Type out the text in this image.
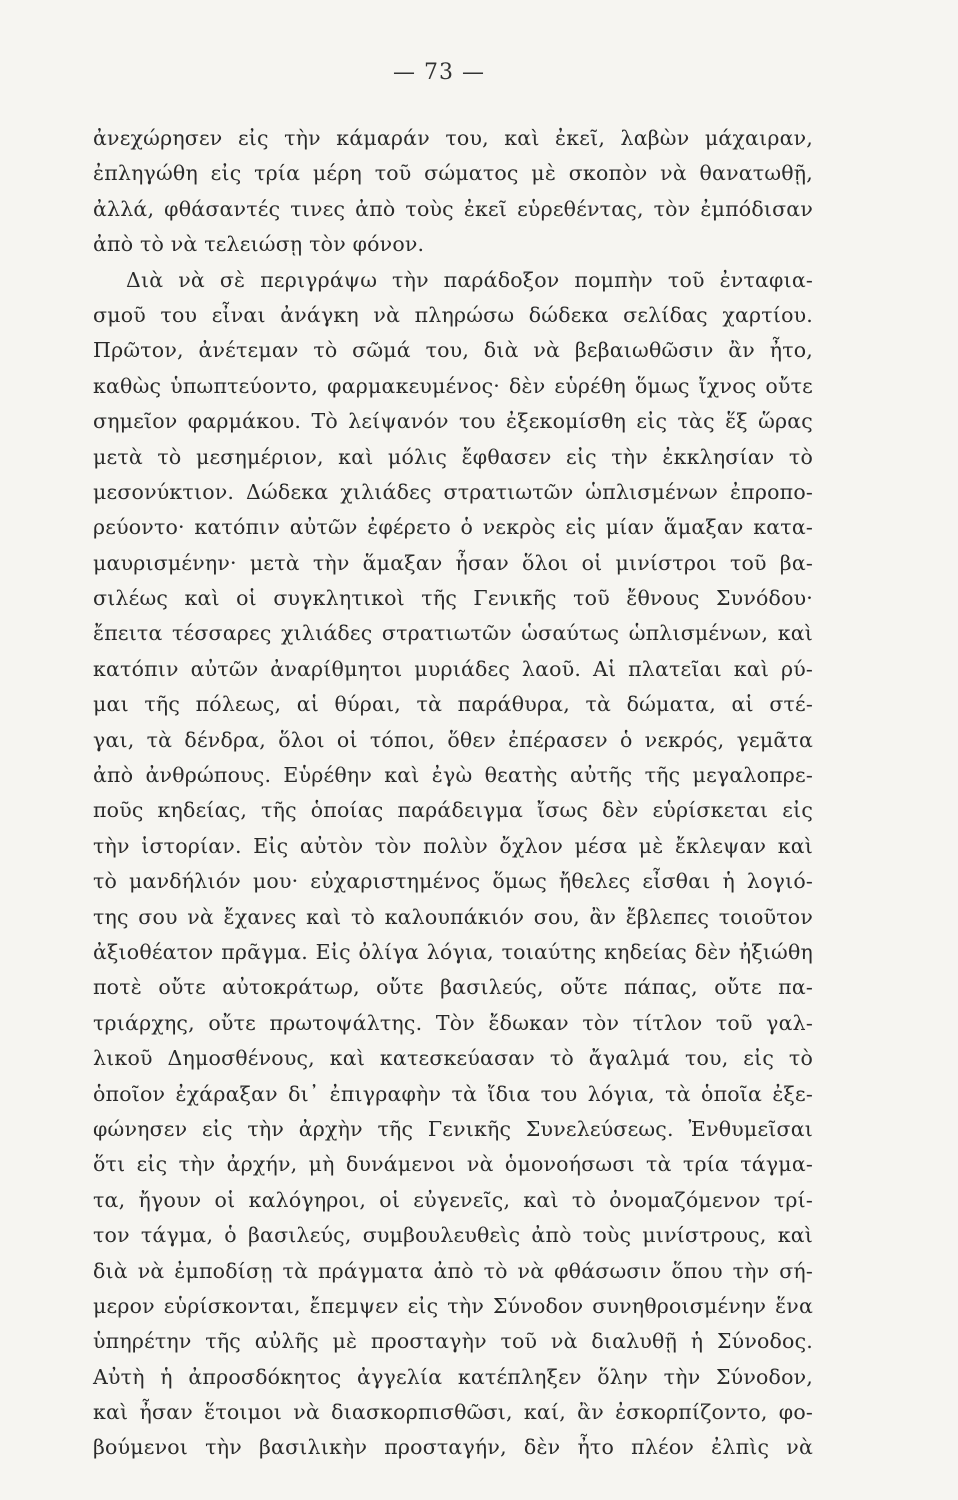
— 73 —
ἀνεχώρησεν εἰς τὴν κάμαράν του, καὶ ἐκεῖ, λαβὼν μάχαιραν,
ἐπληγώθη εἰς τρία μέρη τοῦ σώματος μὲ σκοπὸν νὰ θανατωθῇ,
ἀλλά, φθάσαντές τινες ἀπὸ τοὺς ἐκεῖ εὑρεθέντας, τὸν ἐμπόδισαν
ἀπὸ τὸ νὰ τελειώσῃ τὸν φόνον.
Διὰ νὰ σὲ περιγράψω τὴν παράδοξον πομπὴν τοῦ ἐνταφια-
σμοῦ του εἶναι ἀνάγκη νὰ πληρώσω δώδεκα σελίδας χαρτίου.
Πρῶτον, ἀνέτεμαν τὸ σῶμά του, διὰ νὰ βεβαιωθῶσιν ἂν ἦτο,
καθὼς ὑπωπτεύοντο, φαρμακευμένος· δὲν εὑρέθη ὅμως ἴχνος οὔτε
σημεῖον φαρμάκου. Τὸ λείψανόν του ἐξεκομίσθη εἰς τὰς ἕξ ὥρας
μετὰ τὸ μεσημέριον, καὶ μόλις ἔφθασεν εἰς τὴν ἐκκλησίαν τὸ
μεσονύκτιον. Δώδεκα χιλιάδες στρατιωτῶν ὡπλισμένων ἐπροπο-
ρεύοντο· κατόπιν αὐτῶν ἐφέρετο ὁ νεκρὸς εἰς μίαν ἅμαξαν κατα-
μαυρισμένην· μετὰ τὴν ἅμαξαν ἦσαν ὅλοι οἱ μινίστροι τοῦ βα-
σιλέως καὶ οἱ συγκλητικοὶ τῆς Γενικῆς τοῦ ἔθνους Συνόδου·
ἔπειτα τέσσαρες χιλιάδες στρατιωτῶν ὡσαύτως ὡπλισμένων, καὶ
κατόπιν αὐτῶν ἀναρίθμητοι μυριάδες λαοῦ. Αἱ πλατεῖαι καὶ ρύ-
μαι τῆς πόλεως, αἱ θύραι, τὰ παράθυρα, τὰ δώματα, αἱ στέ-
γαι, τὰ δένδρα, ὅλοι οἱ τόποι, ὅθεν ἐπέρασεν ὁ νεκρός, γεμᾶτα
ἀπὸ ἀνθρώπους. Εὑρέθην καὶ ἐγὼ θεατὴς αὐτῆς τῆς μεγαλοπρε-
ποῦς κηδείας, τῆς ὁποίας παράδειγμα ἴσως δὲν εὑρίσκεται εἰς
τὴν ἱστορίαν. Εἰς αὐτὸν τὸν πολὺν ὄχλον μέσα μὲ ἔκλεψαν καὶ
τὸ μανδήλιόν μου· εὐχαριστημένος ὅμως ἤθελες εἶσθαι ἡ λογιό-
της σου νὰ ἔχανες καὶ τὸ καλουπάκιόν σου, ἂν ἔβλεπες τοιοῦτον
ἀξιοθέατον πρᾶγμα. Εἰς ὀλίγα λόγια, τοιαύτης κηδείας δὲν ἠξιώθη
ποτὲ οὔτε αὐτοκράτωρ, οὔτε βασιλεύς, οὔτε πάπας, οὔτε πα-
τριάρχης, οὔτε πρωτοψάλτης. Τὸν ἔδωκαν τὸν τίτλον τοῦ γαλ-
λικοῦ Δημοσθένους, καὶ κατεσκεύασαν τὸ ἄγαλμά του, εἰς τὸ
ὁποῖον ἐχάραξαν δι᾽ ἐπιγραφὴν τὰ ἴδια του λόγια, τὰ ὁποῖα ἐξε-
φώνησεν εἰς τὴν ἀρχὴν τῆς Γενικῆς Συνελεύσεως. Ἐνθυμεῖσαι
ὅτι εἰς τὴν ἀρχήν, μὴ δυνάμενοι νὰ ὁμονοήσωσι τὰ τρία τάγμα-
τα, ἤγουν οἱ καλόγηροι, οἱ εὐγενεῖς, καὶ τὸ ὀνομαζόμενον τρί-
τον τάγμα, ὁ βασιλεύς, συμβουλευθεὶς ἀπὸ τοὺς μινίστρους, καὶ
διὰ νὰ ἐμποδίσῃ τὰ πράγματα ἀπὸ τὸ νὰ φθάσωσιν ὅπου τὴν σή-
μερον εὑρίσκονται, ἔπεμψεν εἰς τὴν Σύνοδον συνηθροισμένην ἕνα
ὑπηρέτην τῆς αὐλῆς μὲ προσταγὴν τοῦ νὰ διαλυθῇ ἡ Σύνοδος.
Αὐτὴ ἡ ἀπροσδόκητος ἀγγελία κατέπληξεν ὅλην τὴν Σύνοδον,
καὶ ἦσαν ἕτοιμοι νὰ διασκορπισθῶσι, καί, ἂν ἐσκορπίζοντο, φο-
βούμενοι τὴν βασιλικὴν προσταγήν, δὲν ἦτο πλέον ἐλπὶς νὰ
